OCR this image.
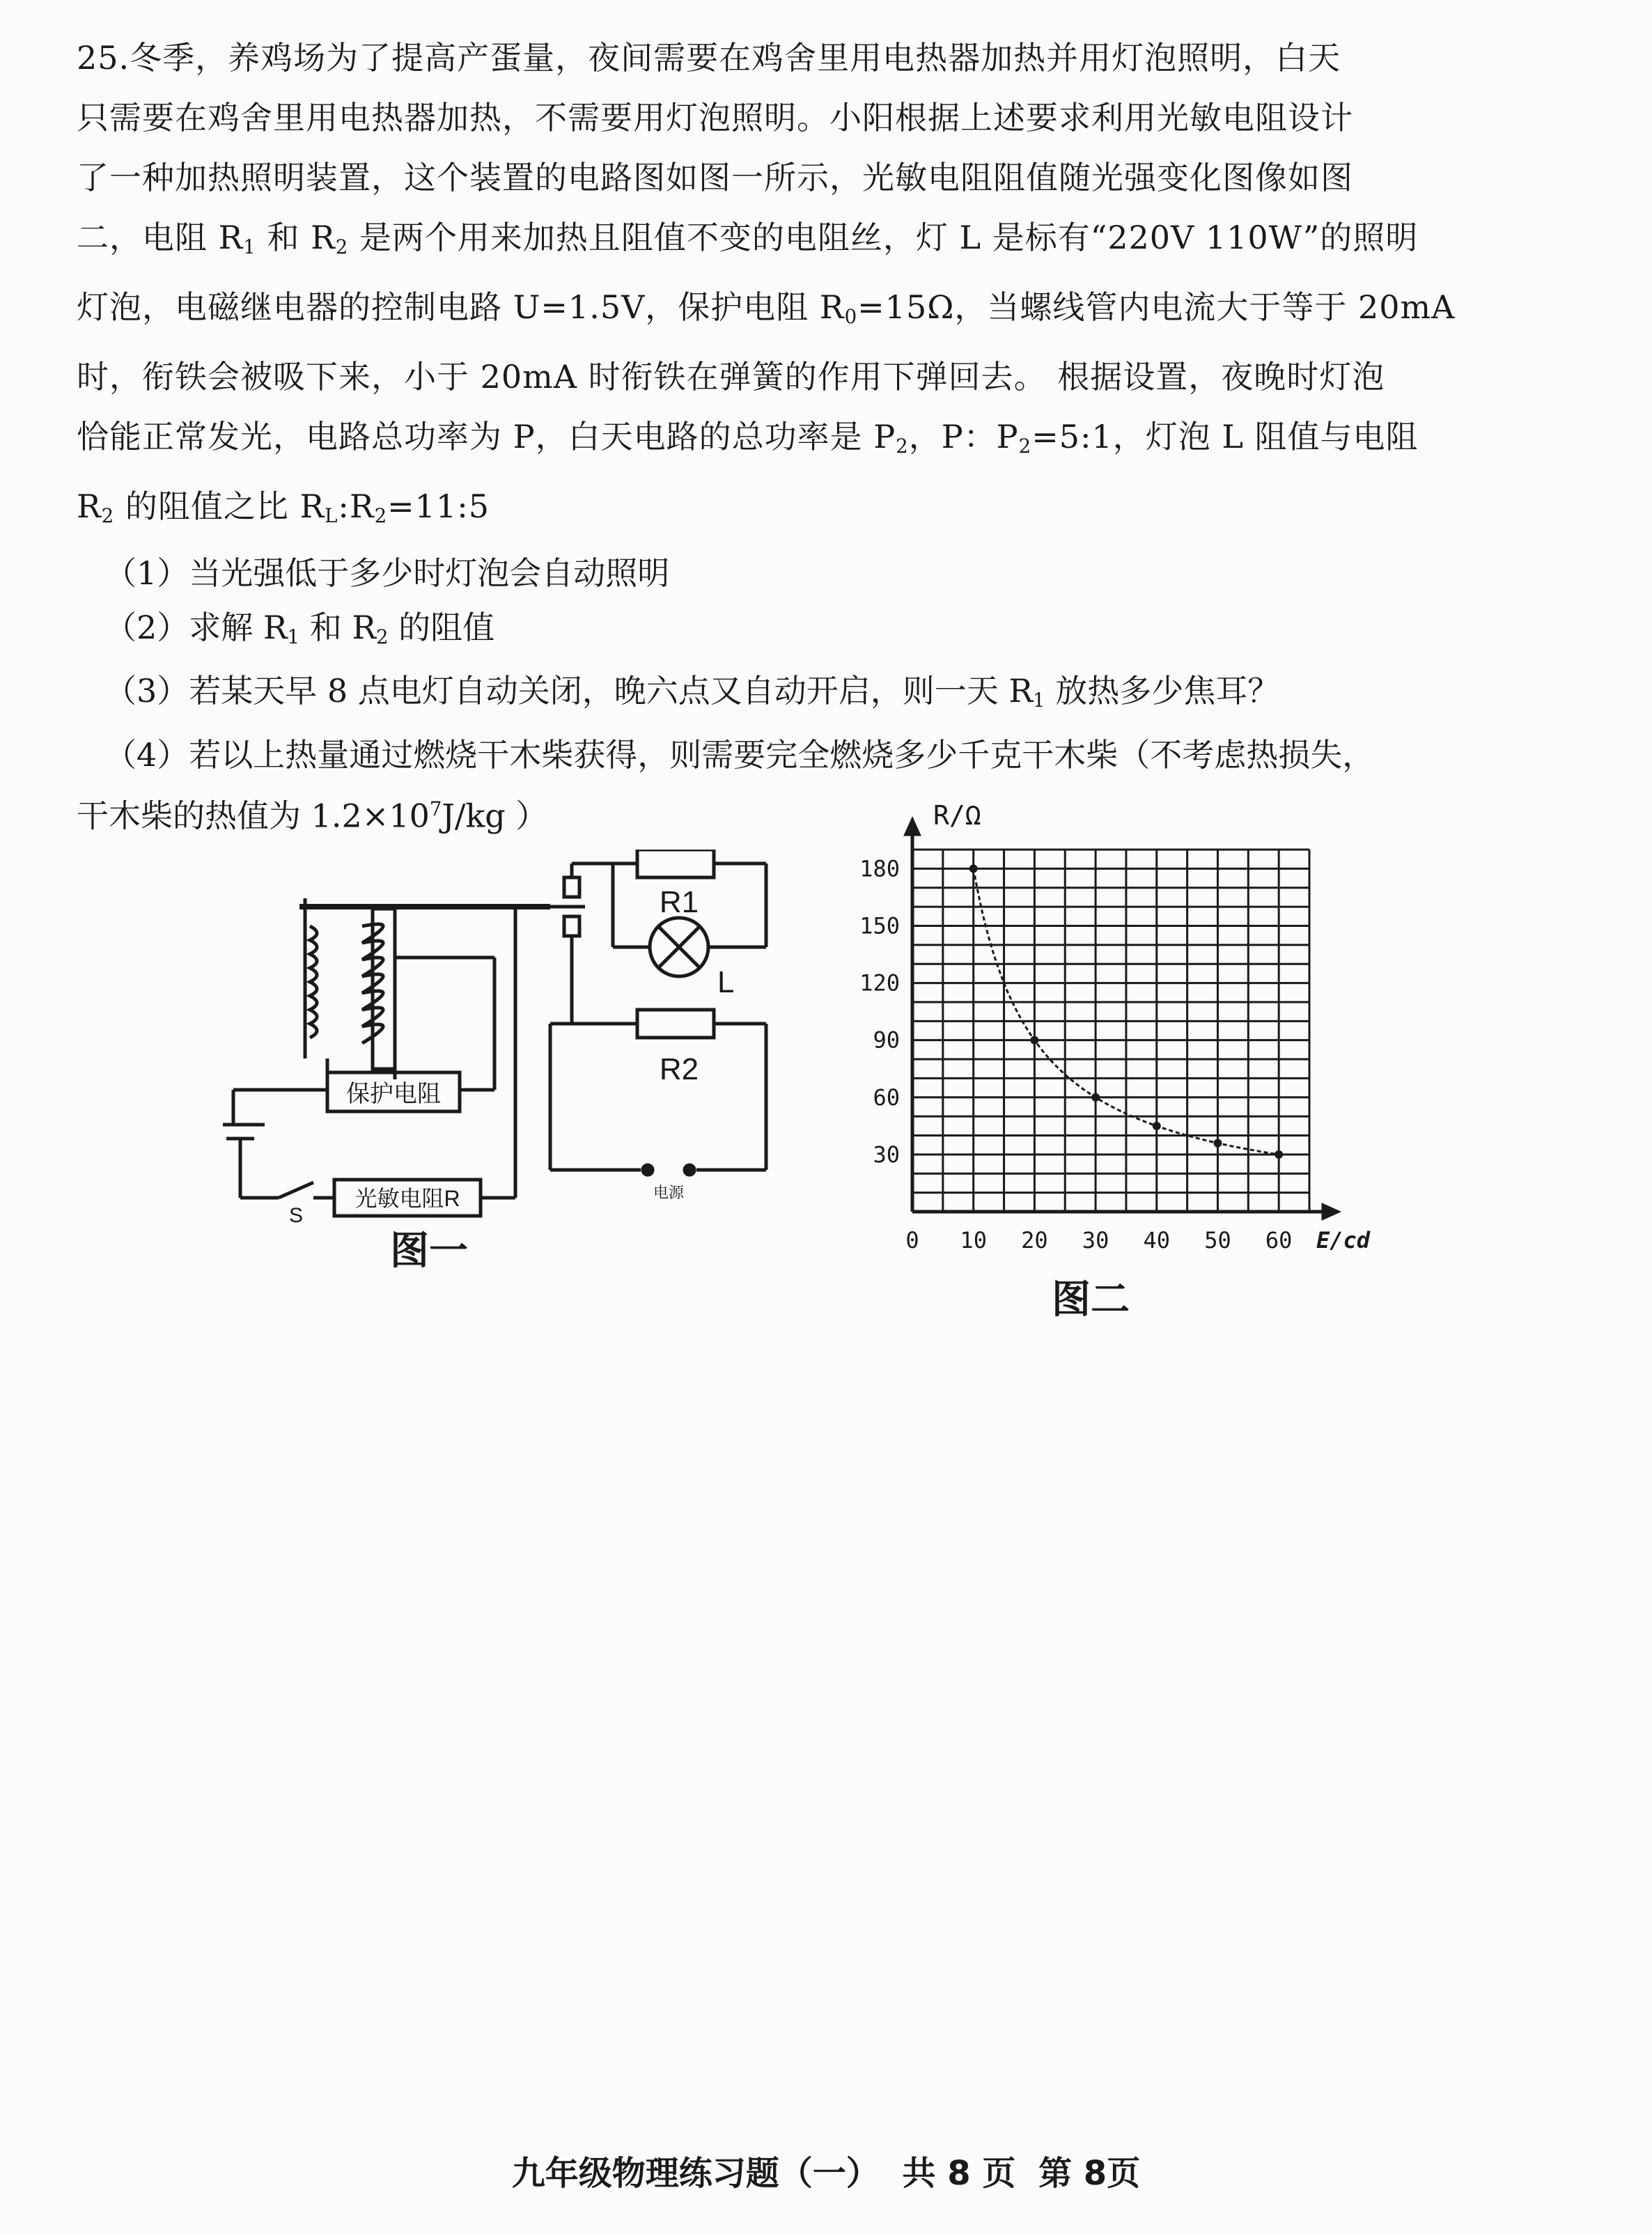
25.冬季，养鸡场为了提高产蛋量，夜间需要在鸡舍里用电热器加热并用灯泡照明，白天

只需要在鸡舍里用电热器加热，不需要用灯泡照明。小阳根据上述要求利用光敏电阻设计

了一种加热照明装置，这个装置的电路图如图一所示，光敏电阻阻值随光强变化图像如图

二，电阻 $R_1$ 和 $R_2$ 是两个用来加热且阻值不变的电阻丝，灯 L 是标有“220V 110W”的照明

灯泡，电磁继电器的控制电路 U=1.5V，保护电阻 $R_0=15\Omega$，当螺线管内电流大于等于 20mA

时，衔铁会被吸下来，小于 20mA 时衔铁在弹簧的作用下弹回去。 根据设置，夜晚时灯泡

恰能正常发光，电路总功率为 P，白天电路的总功率是 $P_2$，P：$P_2=5:1$，灯泡 L 阻值与电阻

$R_2$ 的阻值之比 $R_L:R_2=11:5$

（1）当光强低于多少时灯泡会自动照明

（2）求解 $R_1$ 和 $R_2$ 的阻值

（3）若某天早 8 点电灯自动关闭，晚六点又自动开启，则一天 $R_1$ 放热多少焦耳？

（4）若以上热量通过燃烧干木柴获得，则需要完全燃烧多少千克干木柴（不考虑热损失，

干木柴的热值为 $1.2\times 10^7J/kg$ ）

保护电阻
光敏电阻R
R1
L
R2
S
电源
图一	0 10 20 30 40 50 60
30
60
90
120
150
180
E/cd
R/Ω
图二
九年级物理练习题（一） 共 8 页 第 8页
